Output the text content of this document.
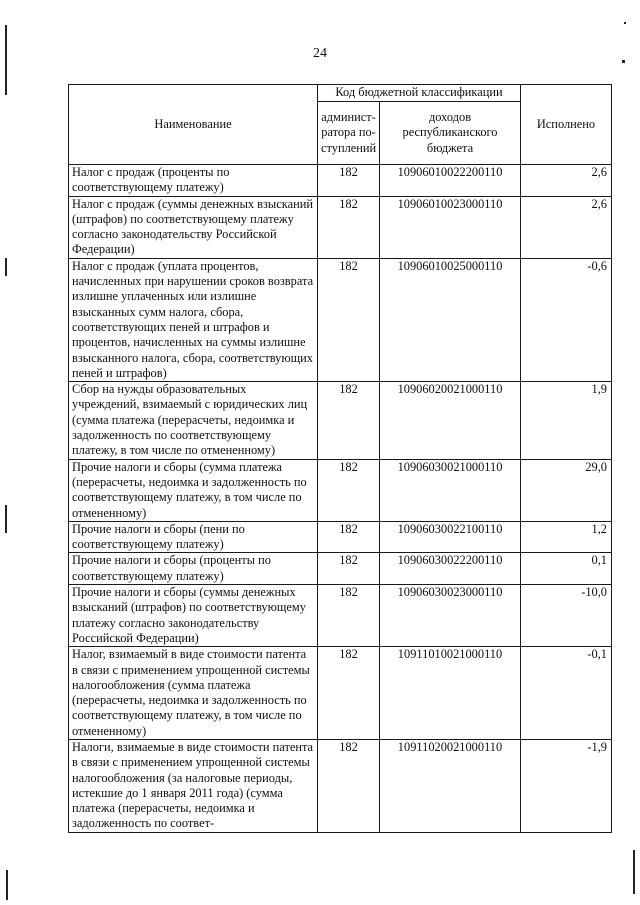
24
Наименование	Код бюджетной классификации		Исполнено
	админист-ратора по-ступлений	доходов республиканского бюджета	
Налог с продаж (проценты по соответствующему платежу)	182	10906010022200110	2,6
Налог с продаж (суммы денежных взысканий (штрафов) по соответствующему платежу согласно законодательству Российской Федерации)	182	10906010023000110	2,6
Налог с продаж (уплата процентов, начисленных при нарушении сроков возврата излишне уплаченных или излишне взысканных сумм налога, сбора, соответствующих пеней и штрафов и процентов, начисленных на суммы излишне взысканного налога, сбора, соответствующих пеней и штрафов)	182	10906010025000110	-0,6
Сбор на нужды образовательных учреждений, взимаемый с юридических лиц (сумма платежа (перерасчеты, недоимка и задолженность по соответствующему платежу, в том числе по отмененному)	182	10906020021000110	1,9
Прочие налоги и сборы (сумма платежа (перерасчеты, недоимка и задолженность по соответствующему платежу, в том числе по отмененному)	182	10906030021000110	29,0
Прочие налоги и сборы (пени по соответствующему платежу)	182	10906030022100110	1,2
Прочие налоги и сборы (проценты по соответствующему платежу)	182	10906030022200110	0,1
Прочие налоги и сборы (суммы денежных взысканий (штрафов) по соответствующему платежу согласно законодательству Российской Федерации)	182	10906030023000110	-10,0
Налог, взимаемый в виде стоимости патента в связи с применением упрощенной системы налогообложения (сумма платежа (перерасчеты, недоимка и задолженность по соответствующему платежу, в том числе по отмененному)	182	10911010021000110	-0,1
Налоги, взимаемые в виде стоимости патента в связи с применением упрощенной системы налогообложения (за налоговые периоды, истекшие до 1 января 2011 года) (сумма платежа (перерасчеты, недоимка и задолженность по соответ-	182	10911020021000110	-1,9
